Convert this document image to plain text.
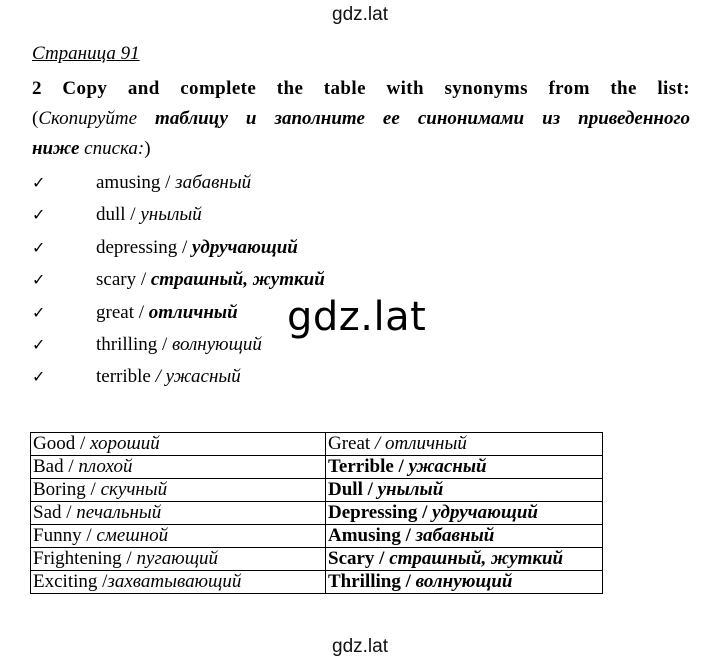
gdz.lat
Страница 91
2 Copy and complete the table with synonyms from the list:
(Скопируйте таблицу и заполните ее синонимами из приведенного
ниже списка:)
✓	amusing / забавный
✓	dull / унылый
✓	depressing / удручающий
✓	scary / страшный, жуткий
✓	great / отличный
✓	thrilling / волнующий
✓	terrible / ужасный
gdz.lat
Good / хороший	Great / отличный
Bad / плохой	Terrible / ужасный
Boring / скучный	Dull / унылый
Sad / печальный	Depressing / удручающий
Funny / смешной	Amusing / забавный
Frightening / пугающий	Scary / страшный, жуткий
Exciting /захватывающий	Thrilling / волнующий
gdz.lat
